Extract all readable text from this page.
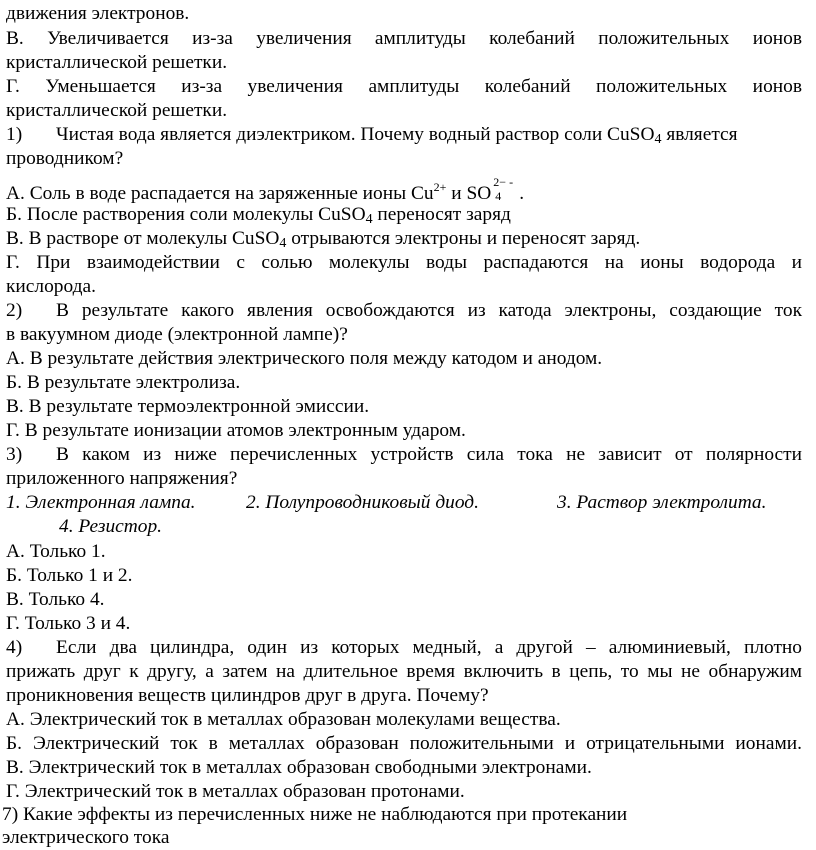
движения электронов.
В. Увеличивается из-за увеличения амплитуды колебаний положительных ионов
кристаллической решетки.
Г. Уменьшается из-за увеличения амплитуды колебаний положительных ионов
кристаллической решетки.
1) Чистая вода является диэлектриком. Почему водный раствор соли CuSO4 является
проводником?
А. Соль в воде распадается на заряженные ионы $Cu^{2+}$ и SO
2− -
4 .
Б. После растворения соли молекулы CuSO4 переносят заряд
В. В растворе от молекулы CuSO4 отрываются электроны и переносят заряд.
Г. При взаимодействии с солью молекулы воды распадаются на ионы водорода и
кислорода.
2) В результате какого явления освобождаются из катода электроны, создающие ток
в вакуумном диоде (электронной лампе)?
А. В результате действия электрического поля между катодом и анодом.
Б. В результате электролиза.
В. В результате термоэлектронной эмиссии.
Г. В результате ионизации атомов электронным ударом.
3) В каком из ниже перечисленных устройств сила тока не зависит от полярности
приложенного напряжения?
1. Электронная лампа.	2. Полупроводниковый диод.	3. Раствор электролита.
4. Резистор.
А. Только 1.
Б. Только 1 и 2.
В. Только 4.
Г. Только 3 и 4.
4) Если два цилиндра, один из которых медный, а другой – алюминиевый, плотно
прижать друг к другу, а затем на длительное время включить в цепь, то мы не обнаружим
проникновения веществ цилиндров друг в друга. Почему?
А. Электрический ток в металлах образован молекулами вещества.
Б. Электрический ток в металлах образован положительными и отрицательными ионами.
В. Электрический ток в металлах образован свободными электронами.
Г. Электрический ток в металлах образован протонами.
7) Какие эффекты из перечисленных ниже не наблюдаются при протекании
электрического тока
